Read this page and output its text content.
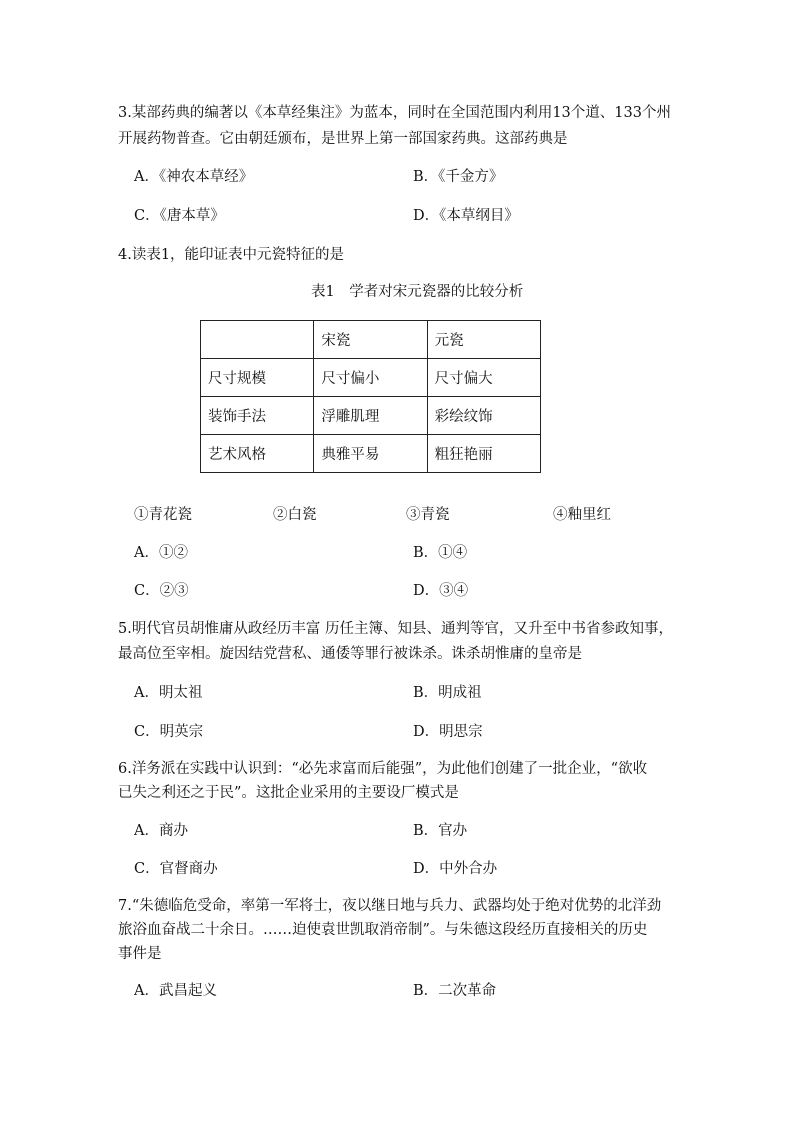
3.某部药典的编著以《本草经集注》为蓝本，同时在全国范围内利用13个道、133个州
开展药物普查。它由朝廷颁布，是世界上第一部国家药典。这部药典是
A．《神农本草经》	B．《千金方》
C．《唐本草》	D．《本草纲目》
4.读表1，能印证表中元瓷特征的是
表1　学者对宋元瓷器的比较分析
	宋瓷	元瓷
尺寸规模	尺寸偏小	尺寸偏大
装饰手法	浮雕肌理	彩绘纹饰
艺术风格	典雅平易	粗狂艳丽
①青花瓷	②白瓷	③青瓷	④釉里红
A．①②	B．①④
C．②③	D．③④
5.明代官员胡惟庸从政经历丰富 历任主簿、知县、通判等官，又升至中书省参政知事，
最高位至宰相。旋因结党营私、通倭等罪行被诛杀。诛杀胡惟庸的皇帝是
A．明太祖	B．明成祖
C．明英宗	D．明思宗
6.洋务派在实践中认识到：“必先求富而后能强”，为此他们创建了一批企业，“欲收
已失之利还之于民”。这批企业采用的主要设厂模式是
A．商办	B．官办
C．官督商办	D．中外合办
7.“朱德临危受命，率第一军将士，夜以继日地与兵力、武器均处于绝对优势的北洋劲
旅浴血奋战二十余日。……迫使袁世凯取消帝制”。与朱德这段经历直接相关的历史
事件是
A．武昌起义	B．二次革命
